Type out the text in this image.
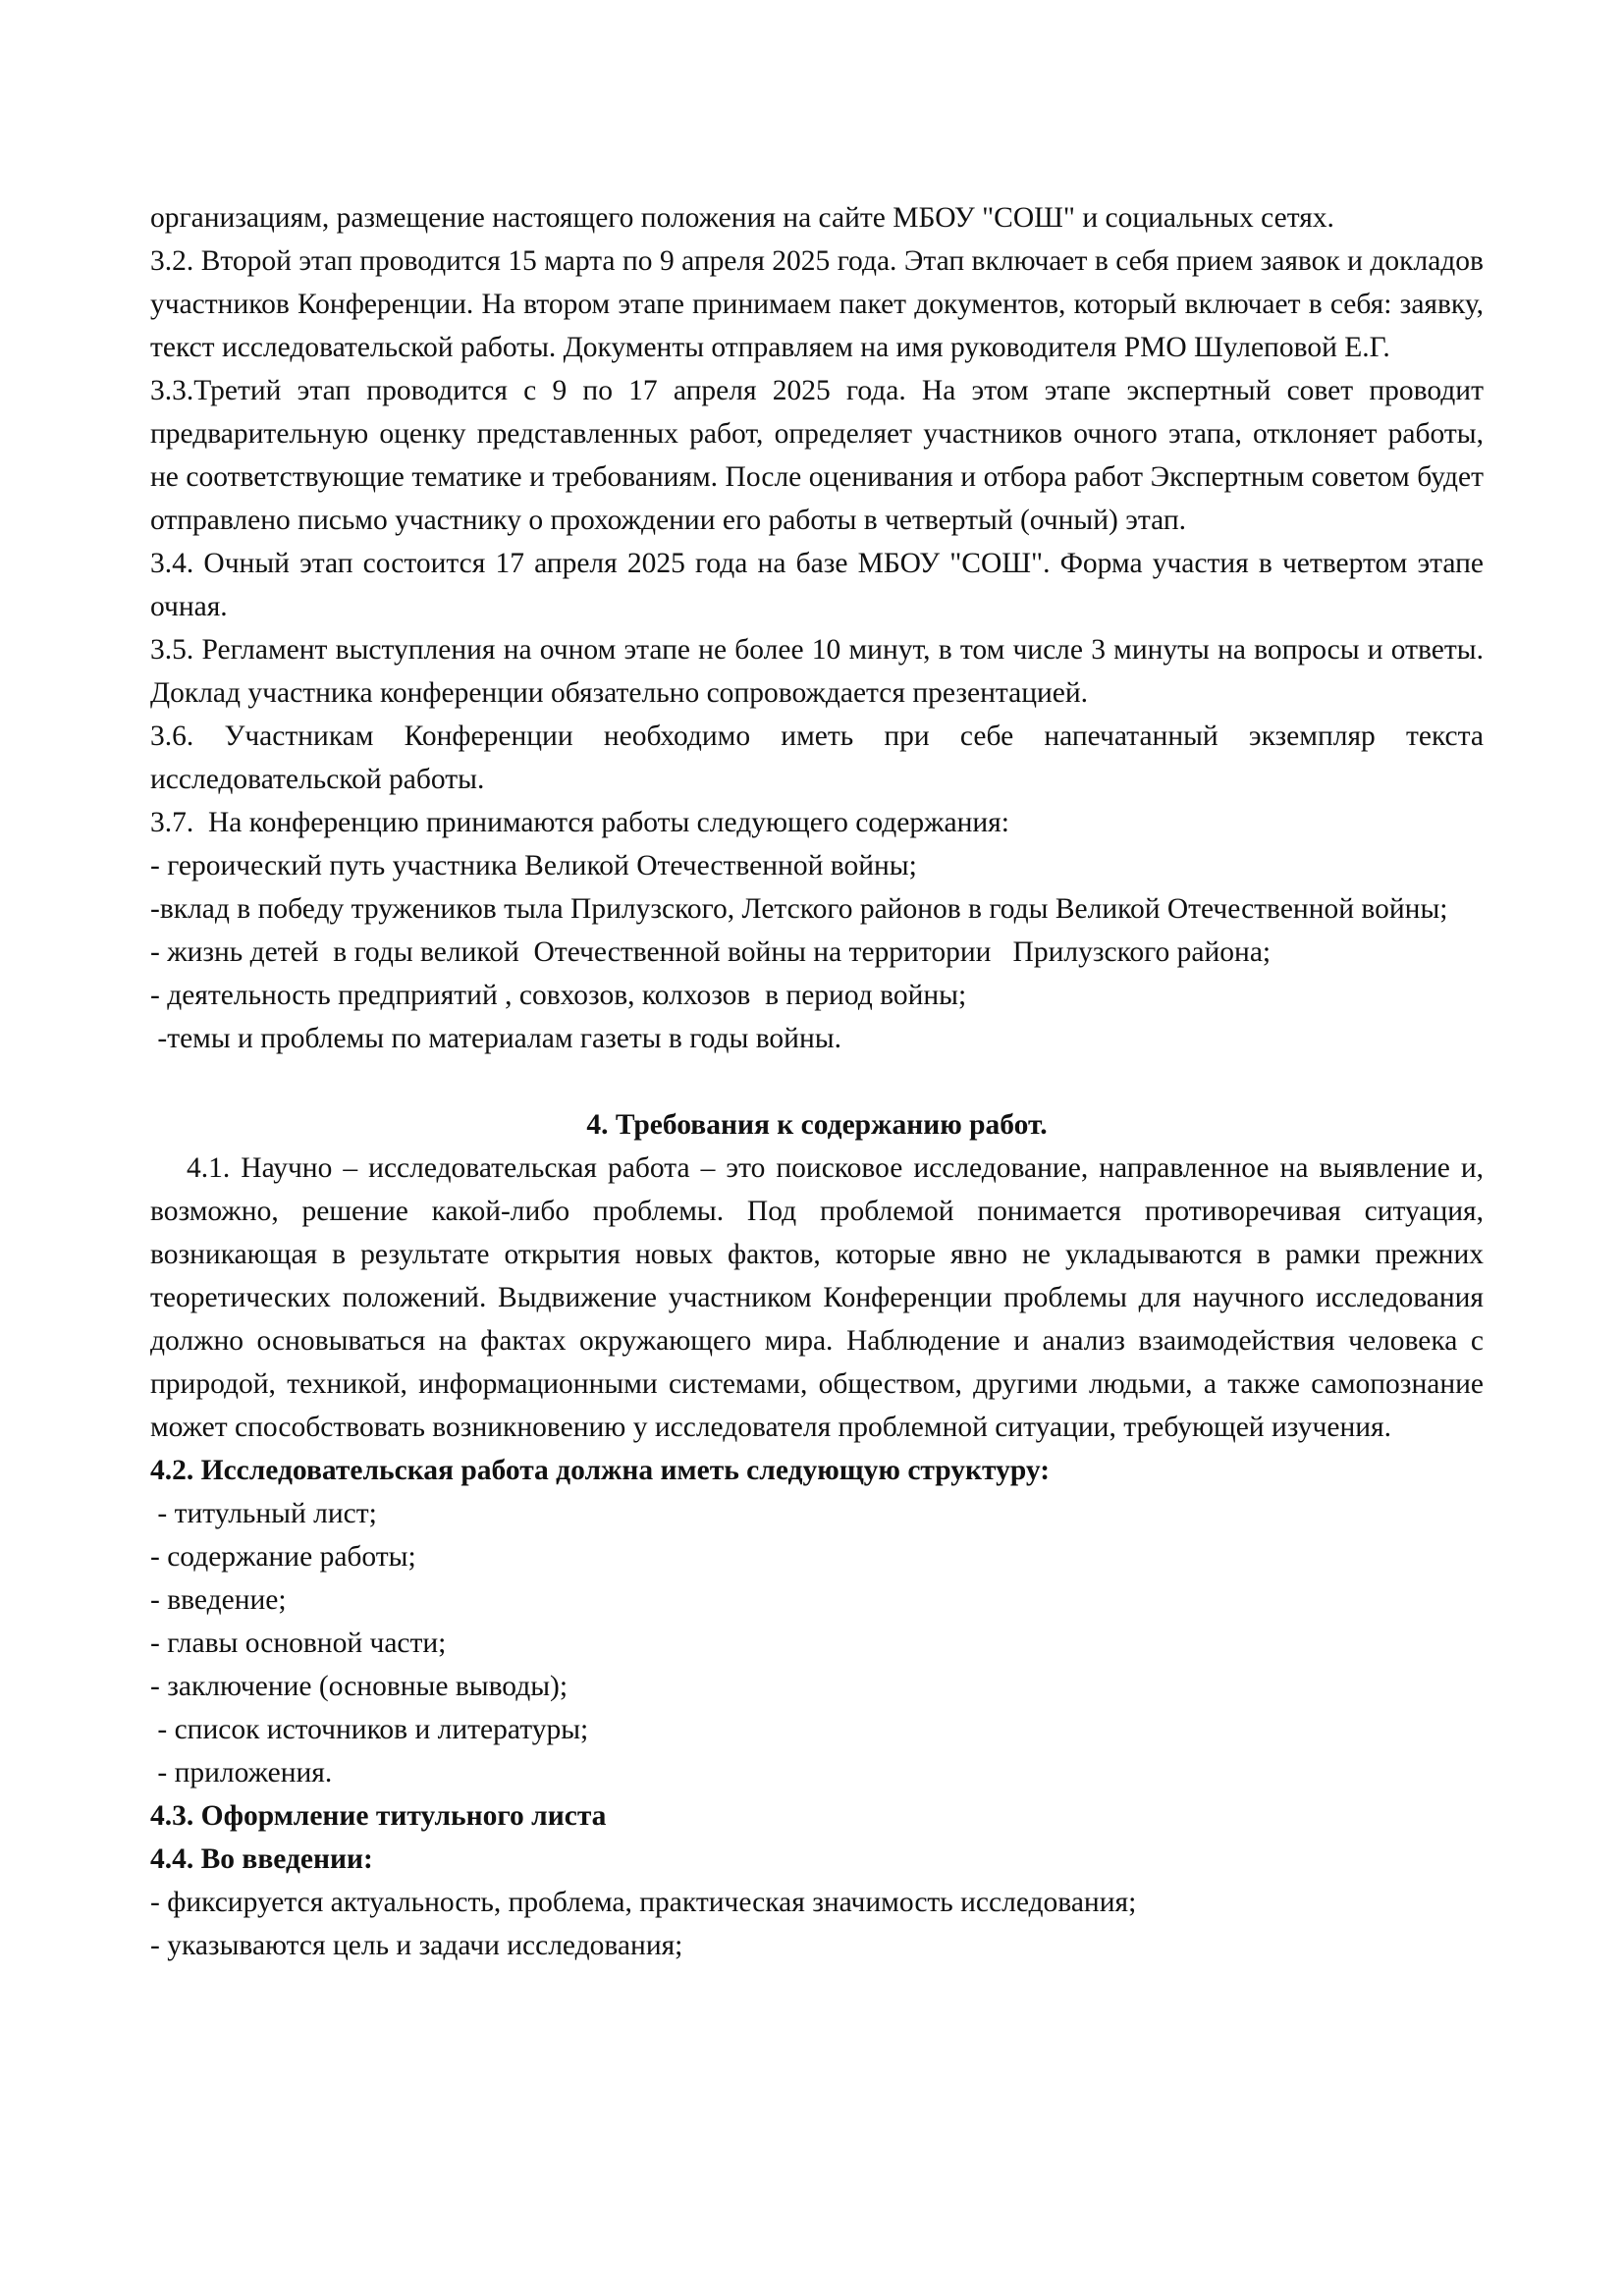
организациям, размещение настоящего положения на сайте МБОУ "СОШ" и социальных сетях.

3.2. Второй этап проводится 15 марта по 9 апреля 2025 года. Этап включает в себя прием заявок и докладов участников Конференции. На втором этапе принимаем пакет документов, который включает в себя: заявку, текст исследовательской работы. Документы отправляем на имя руководителя РМО Шулеповой Е.Г.

3.3.Третий этап проводится с 9 по 17 апреля 2025 года. На этом этапе экспертный совет проводит предварительную оценку представленных работ, определяет участников очного этапа, отклоняет работы, не соответствующие тематике и требованиям. После оценивания и отбора работ Экспертным советом будет отправлено письмо участнику о прохождении его работы в четвертый (очный) этап.

3.4. Очный этап состоится 17 апреля 2025 года на базе МБОУ "СОШ". Форма участия в четвертом этапе очная.

3.5. Регламент выступления на очном этапе не более 10 минут, в том числе 3 минуты на вопросы и ответы. Доклад участника конференции обязательно сопровождается презентацией.

3.6. Участникам Конференции необходимо иметь при себе напечатанный экземпляр текста исследовательской работы.

3.7.  На конференцию принимаются работы следующего содержания:

- героический путь участника Великой Отечественной войны;

-вклад в победу тружеников тыла Прилузского, Летского районов в годы Великой Отечественной войны;

- жизнь детей  в годы великой  Отечественной войны на территории   Прилузского района;

- деятельность предприятий , совхозов, колхозов  в период войны;

-темы и проблемы по материалам газеты в годы войны.

4. Требования к содержанию работ.

4.1. Научно – исследовательская работа – это поисковое исследование, направленное на выявление и, возможно, решение какой-либо проблемы. Под проблемой понимается противоречивая ситуация, возникающая в результате открытия новых фактов, которые явно не укладываются в рамки прежних теоретических положений. Выдвижение участником Конференции проблемы для научного исследования должно основываться на фактах окружающего мира. Наблюдение и анализ взаимодействия человека с природой, техникой, информационными системами, обществом, другими людьми, а также самопознание может способствовать возникновению у исследователя проблемной ситуации, требующей изучения.

4.2. Исследовательская работа должна иметь следующую структуру:

- титульный лист;

- содержание работы;

- введение;

- главы основной части;

- заключение (основные выводы);

- список источников и литературы;

- приложения.

4.3. Оформление титульного листа

4.4. Во введении:

- фиксируется актуальность, проблема, практическая значимость исследования;

- указываются цель и задачи исследования;
